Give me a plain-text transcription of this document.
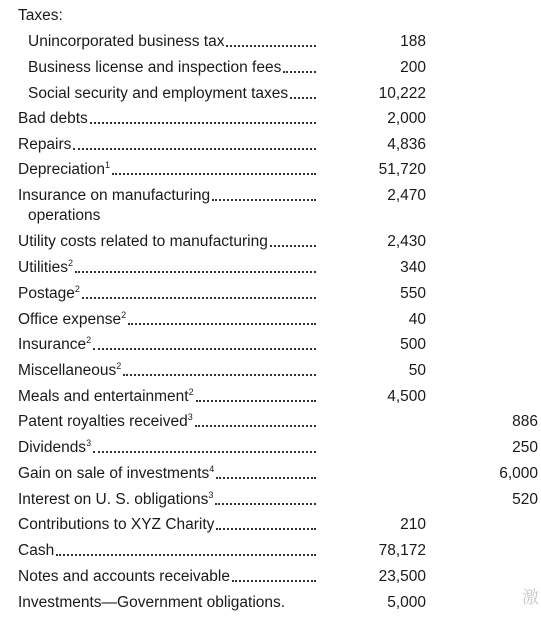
Taxes:
Unincorporated business tax	188
Business license and inspection fees	200
Social security and employment taxes	10,222
Bad debts	2,000
Repairs	4,836
Depreciation$^1$	51,720
Insurance on manufacturing	2,470
operations
Utility costs related to manufacturing	2,430
Utilities$^2$	340
Postage$^2$	550
Office expense$^2$	40
Insurance$^2$	500
Miscellaneous$^2$	50
Meals and entertainment$^2$	4,500
Patent royalties received$^3$	886
Dividends$^3$	250
Gain on sale of investments$^4$	6,000
Interest on U. S. obligations$^3$	520
Contributions to XYZ Charity	210
Cash	78,172
Notes and accounts receivable	23,500
Investments—Government obligations .	5,000	激
